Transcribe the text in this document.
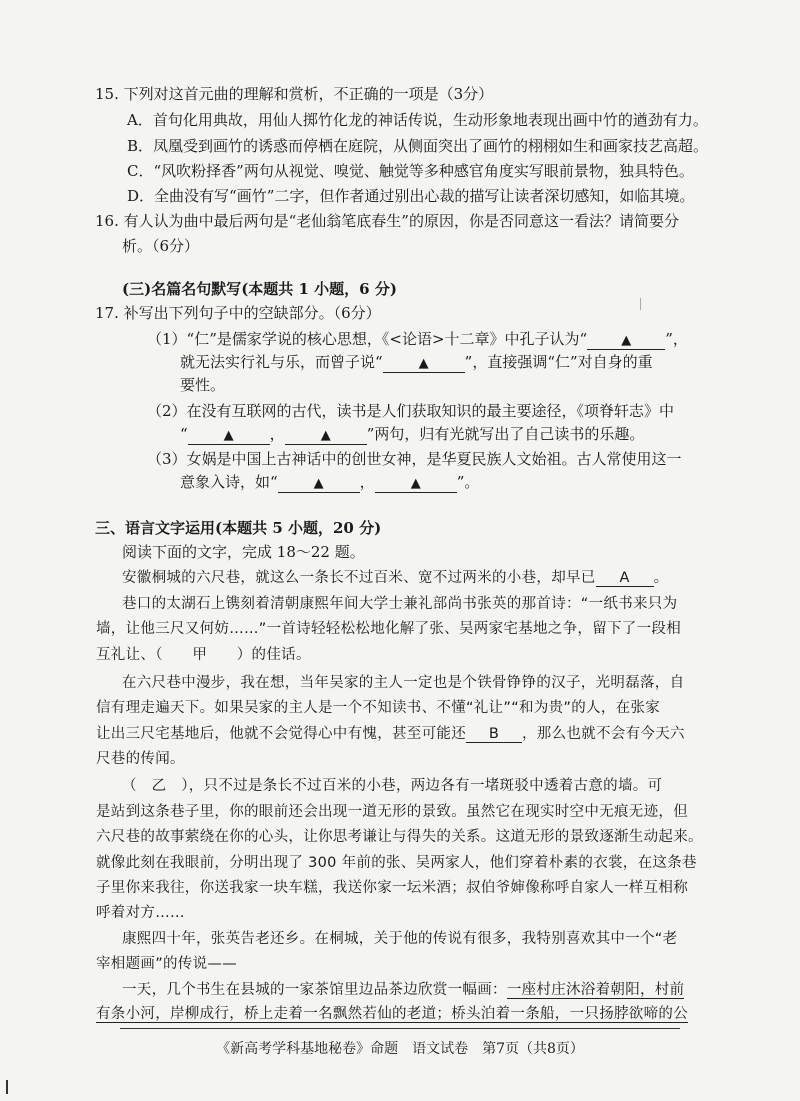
15. 下列对这首元曲的理解和赏析，不正确的一项是（3分）
A．首句化用典故，用仙人掷竹化龙的神话传说，生动形象地表现出画中竹的遒劲有力。
B．凤凰受到画竹的诱惑而停栖在庭院，从侧面突出了画竹的栩栩如生和画家技艺高超。
C．“风吹粉择香”两句从视觉、嗅觉、触觉等多种感官角度实写眼前景物，独具特色。
D．全曲没有写“画竹”二字，但作者通过别出心裁的描写让读者深切感知，如临其境。
16. 有人认为曲中最后两句是“老仙翁笔底春生”的原因，你是否同意这一看法？请简要分
析。（6分）
(三)名篇名句默写(本题共 1 小题，6 分)
17. 补写出下列句子中的空缺部分。（6分）
（1）“仁”是儒家学说的核心思想，《<论语>十二章》中孔子认为“	▲ ”，
就无法实行礼与乐，而曾子说“	▲ ”，直接强调“仁”对自身的重
要性。
（2）在没有互联网的古代，读书是人们获取知识的最主要途径，《项脊轩志》中
“	▲ ，	▲ ”两句，归有光就写出了自己读书的乐趣。
（3）女娲是中国上古神话中的创世女神，是华夏民族人文始祖。古人常使用这一
意象入诗，如“	▲ ，	▲ ”。
三、语言文字运用(本题共 5 小题，20 分)
阅读下面的文字，完成 18～22 题。
安徽桐城的六尺巷，就这么一条长不过百米、宽不过两米的小巷，却早已 A 。
巷口的太湖石上镌刻着清朝康熙年间大学士兼礼部尚书张英的那首诗：“一纸书来只为
墙，让他三尺又何妨……”一首诗轻轻松松地化解了张、吴两家宅基地之争，留下了一段相
互礼让、（　　甲　　）的佳话。
在六尺巷中漫步，我在想，当年吴家的主人一定也是个铁骨铮铮的汉子，光明磊落，自
信有理走遍天下。如果吴家的主人是一个不知读书、不懂“礼让”“和为贵”的人，在张家
让出三尺宅基地后，他就不会觉得心中有愧，甚至可能还 B ，那么也就不会有今天六
尺巷的传闻。
（　乙　），只不过是条长不过百米的小巷，两边各有一堵斑驳中透着古意的墙。可
是站到这条巷子里，你的眼前还会出现一道无形的景致。虽然它在现实时空中无痕无迹，但
六尺巷的故事萦绕在你的心头，让你思考谦让与得失的关系。这道无形的景致逐渐生动起来。
就像此刻在我眼前，分明出现了 300 年前的张、吴两家人，他们穿着朴素的衣裳，在这条巷
子里你来我往，你送我家一块车糕，我送你家一坛米酒；叔伯爷婶像称呼自家人一样互相称
呼着对方……
康熙四十年，张英告老还乡。在桐城，关于他的传说有很多，我特别喜欢其中一个“老
宰相题画”的传说——
一天，几个书生在县城的一家茶馆里边品茶边欣赏一幅画：一座村庄沐浴着朝阳，村前
有条小河，岸柳成行，桥上走着一名飘然若仙的老道；桥头泊着一条船，一只扬脖欲啼的公
《新高考学科基地秘卷》命题　语文试卷　第7页（共8页）
